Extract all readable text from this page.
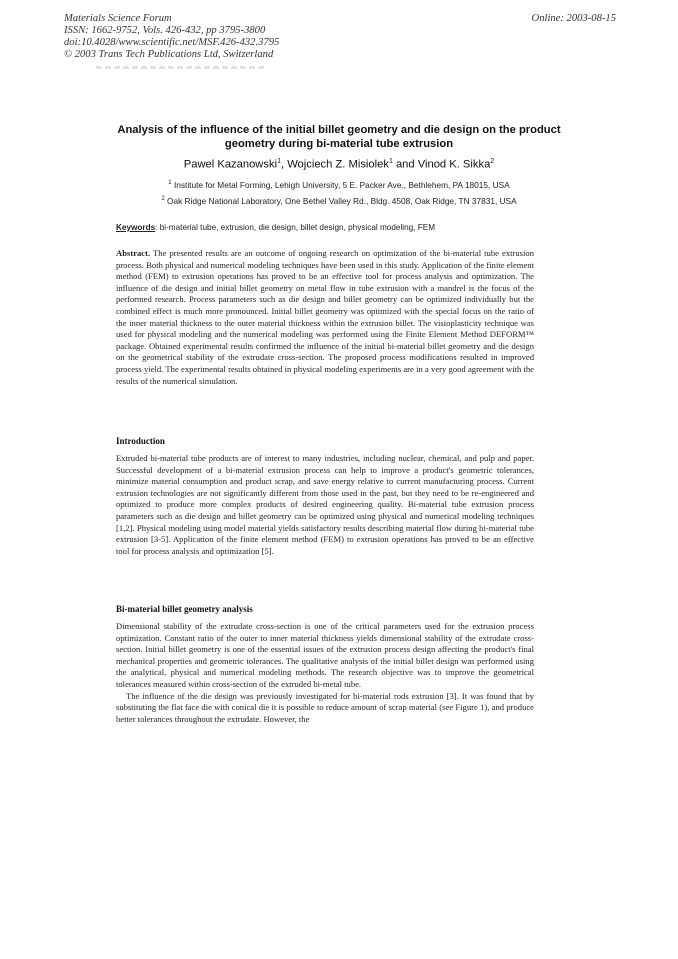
Materials Science Forum
ISSN: 1662-9752, Vols. 426-432, pp 3795-3800
doi:10.4028/www.scientific.net/MSF.426-432.3795
© 2003 Trans Tech Publications Ltd, Switzerland
Online: 2003-08-15
Analysis of the influence of the initial billet geometry and die design on the product geometry during bi-material tube extrusion
Pawel Kazanowski$^1$, Wojciech Z. Misiolek$^1$ and Vinod K. Sikka$^2$
$^1$ Institute for Metal Forming, Lehigh University, 5 E. Packer Ave., Bethlehem, PA 18015, USA
$^2$ Oak Ridge National Laboratory, One Bethel Valley Rd., Bldg. 4508, Oak Ridge, TN 37831, USA
Keywords: bi-material tube, extrusion, die design, billet design, physical modeling, FEM

Abstract. The presented results are an outcome of ongoing research on optimization of the bi-material tube extrusion process. Both physical and numerical modeling techniques have been used in this study. Application of the finite element method (FEM) to extrusion operations has proved to be an effective tool for process analysis and optimization. The influence of die design and initial billet geometry on metal flow in tube extrusion with a mandrel is the focus of the performed research. Process parameters such as die design and billet geometry can be optimized individually but the combined effect is much more pronounced. Initial billet geometry was optimized with the special focus on the ratio of the inner material thickness to the outer material thickness within the extrusion billet. The visioplasticity technique was used for physical modeling and the numerical modeling was performed using the Finite Element Method DEFORM™ package. Obtained experimental results confirmed the influence of the initial bi-material billet geometry and die design on the geometrical stability of the extrudate cross-section. The proposed process modifications resulted in improved process yield. The experimental results obtained in physical modeling experiments are in a very good agreement with the results of the numerical simulation.

Introduction

Extruded bi-material tube products are of interest to many industries, including nuclear, chemical, and pulp and paper. Successful development of a bi-material extrusion process can help to improve a product's geometric tolerances, minimize material consumption and product scrap, and save energy relative to current manufacturing process. Current extrusion technologies are not significantly different from those used in the past, but they need to be re-engineered and optimized to produce more complex products of desired engineering quality. Bi-material tube extrusion process parameters such as die design and billet geometry can be optimized using physical and numerical modeling techniques [1,2]. Physical modeling using model material yields satisfactory results describing material flow during bi-material tube extrusion [3-5]. Application of the finite element method (FEM) to extrusion operations has proved to be an effective tool for process analysis and optimization [5].

Bi-material billet geometry analysis

Dimensional stability of the extrudate cross-section is one of the critical parameters used for the extrusion process optimization. Constant ratio of the outer to inner material thickness yields dimensional stability of the extrudate cross-section. Initial billet geometry is one of the essential issues of the extrusion process design affecting the product's final mechanical properties and geometric tolerances. The qualitative analysis of the initial billet design was performed using the analytical, physical and numerical modeling methods. The research objective was to improve the geometrical tolerances measured within cross-section of the extruded bi-metal tube.

The influence of the die design was previously investigated for bi-material rods extrusion [3]. It was found that by substituting the flat face die with conical die it is possible to reduce amount of scrap material (see Figure 1), and produce better tolerances throughout the extrudate. However, the
